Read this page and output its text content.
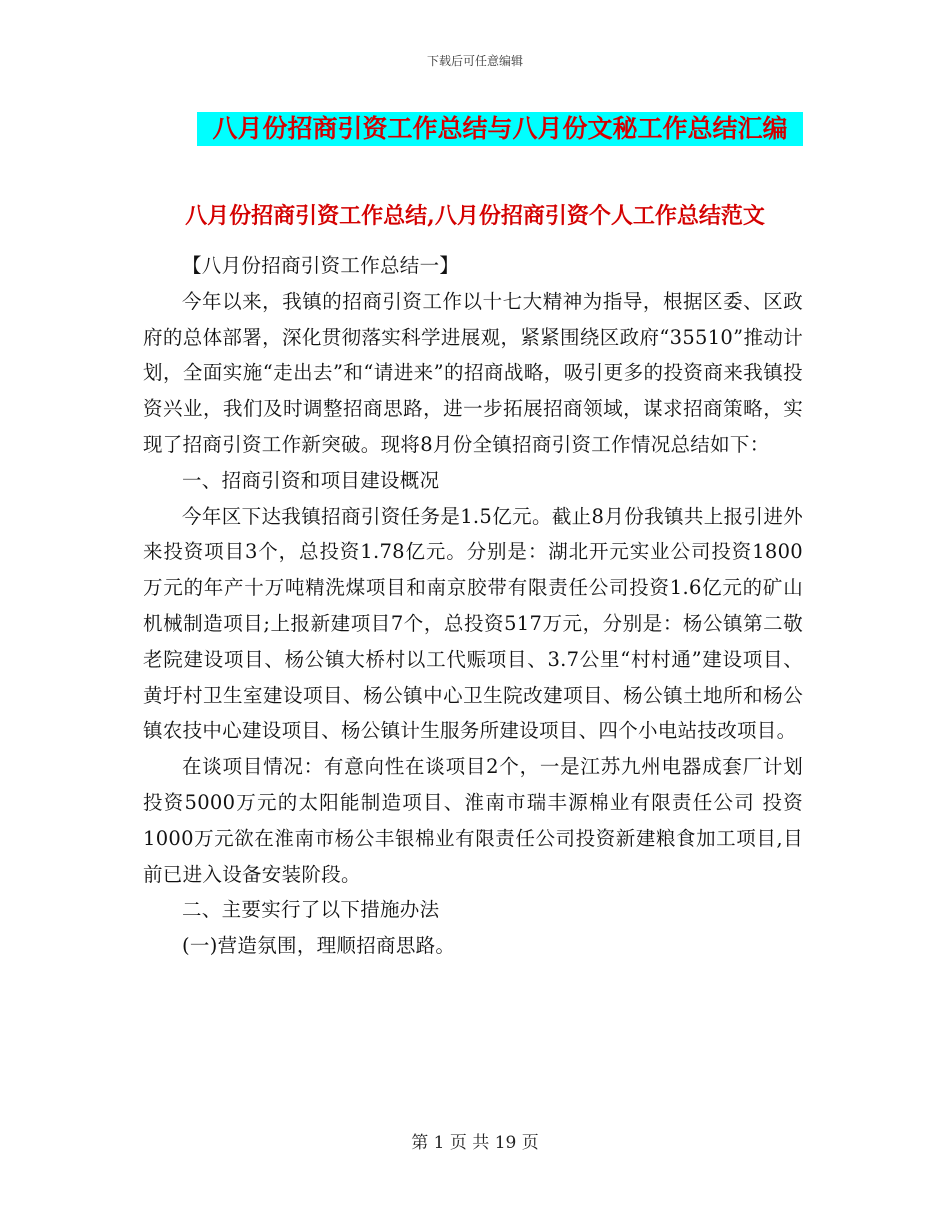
下载后可任意编辑
八月份招商引资工作总结与八月份文秘工作总结汇编
八月份招商引资工作总结,八月份招商引资个人工作总结范文

【八月份招商引资工作总结一】

今年以来，我镇的招商引资工作以十七大精神为指导，根据区委、区政府的总体部署，深化贯彻落实科学进展观，紧紧围绕区政府“35510”推动计划，全面实施“走出去”和“请进来”的招商战略，吸引更多的投资商来我镇投资兴业，我们及时调整招商思路，进一步拓展招商领域，谋求招商策略，实现了招商引资工作新突破。现将8月份全镇招商引资工作情况总结如下：

一、招商引资和项目建设概况

今年区下达我镇招商引资任务是1.5亿元。截止8月份我镇共上报引进外来投资项目3个，总投资1.78亿元。分别是：湖北开元实业公司投资1800万元的年产十万吨精洗煤项目和南京胶带有限责任公司投资1.6亿元的矿山机械制造项目;上报新建项目7个，总投资517万元，分别是：杨公镇第二敬老院建设项目、杨公镇大桥村以工代赈项目、3.7公里“村村通”建设项目、黄圩村卫生室建设项目、杨公镇中心卫生院改建项目、杨公镇土地所和杨公镇农技中心建设项目、杨公镇计生服务所建设项目、四个小电站技改项目。

在谈项目情况：有意向性在谈项目2个，一是江苏九州电器成套厂计划投资5000万元的太阳能制造项目、淮南市瑞丰源棉业有限责任公司 投资1000万元欲在淮南市杨公丰银棉业有限责任公司投资新建粮食加工项目,目前已进入设备安装阶段。

二、主要实行了以下措施办法

(一)营造氛围，理顺招商思路。

第 1 页 共 19 页
